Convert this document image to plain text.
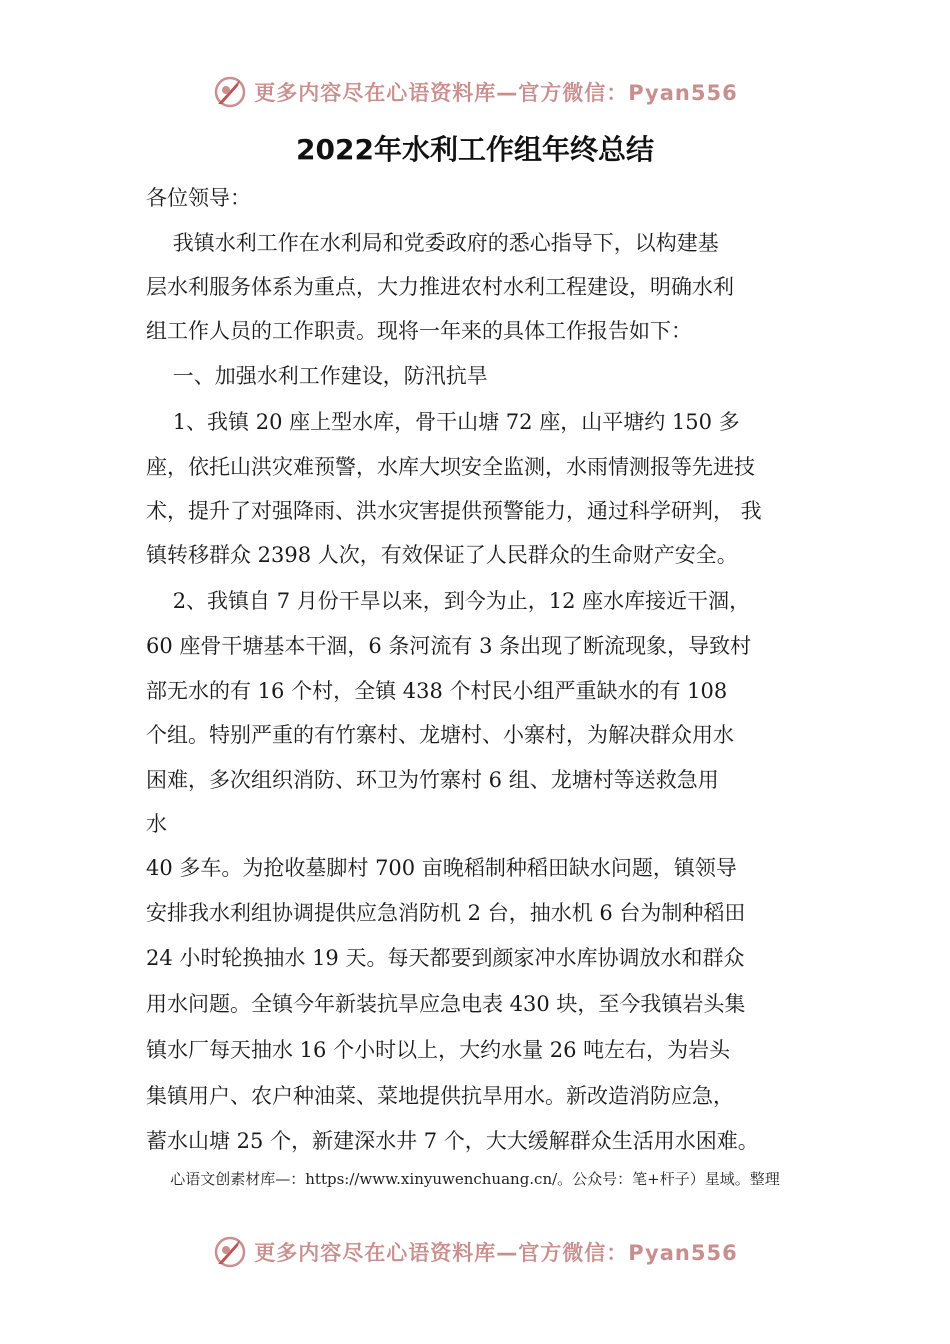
更多内容尽在心语资料库—官方微信：Pyan556
2022年水利工作组年终总结
各位领导：
我镇水利工作在水利局和党委政府的悉心指导下，以构建基
层水利服务体系为重点，大力推进农村水利工程建设，明确水利
组工作人员的工作职责。现将一年来的具体工作报告如下：
一、加强水利工作建设，防汛抗旱
1、我镇 20 座上型水库，骨干山塘 72 座，山平塘约 150 多
座，依托山洪灾难预警，水库大坝安全监测，水雨情测报等先进技
术，提升了对强降雨、洪水灾害提供预警能力，通过科学研判， 我
镇转移群众 2398 人次，有效保证了人民群众的生命财产安全。
2、我镇自 7 月份干旱以来，到今为止，12 座水库接近干涸，
60 座骨干塘基本干涸，6 条河流有 3 条出现了断流现象，导致村
部无水的有 16 个村，全镇 438 个村民小组严重缺水的有 108
个组。特别严重的有竹寨村、龙塘村、小寨村，为解决群众用水
困难，多次组织消防、环卫为竹寨村 6 组、龙塘村等送救急用
水
40 多车。为抢收墓脚村 700 亩晚稻制种稻田缺水问题，镇领导
安排我水利组协调提供应急消防机 2 台，抽水机 6 台为制种稻田
24 小时轮换抽水 19 天。每天都要到颜家冲水库协调放水和群众
用水问题。全镇今年新装抗旱应急电表 430 块，至今我镇岩头集
镇水厂每天抽水 16 个小时以上，大约水量 26 吨左右，为岩头
集镇用户、农户种油菜、菜地提供抗旱用水。新改造消防应急，
蓄水山塘 25 个，新建深水井 7 个，大大缓解群众生活用水困难。
心语文创素材库—：https://www.xinyuwenchuang.cn/。公众号：笔+杆子）星域。整理
更多内容尽在心语资料库—官方微信：Pyan556
